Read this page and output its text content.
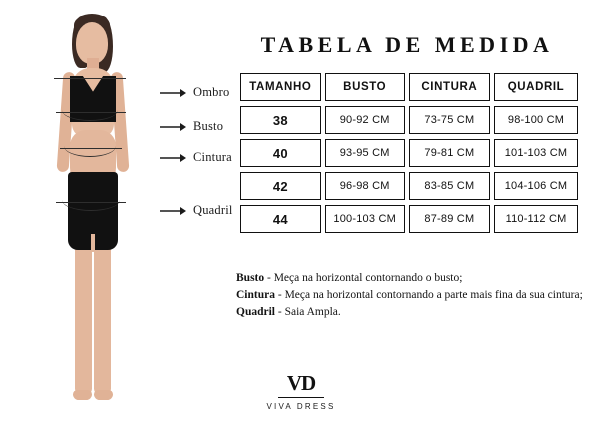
Ombro
Busto
Cintura
Quadril
TABELA DE MEDIDA
TAMANHO	BUSTO	CINTURA	QUADRIL
38	90-92 CM	73-75 CM	98-100 CM
40	93-95 CM	79-81 CM	101-103 CM
42	96-98 CM	83-85 CM	104-106 CM
44	100-103 CM	87-89 CM	110-112 CM
Busto - Meça na horizontal contornando o busto;
Cintura - Meça na horizontal contornando a parte mais fina da sua cintura;
Quadril - Saia Ampla.
VD
VIVA DRESS
